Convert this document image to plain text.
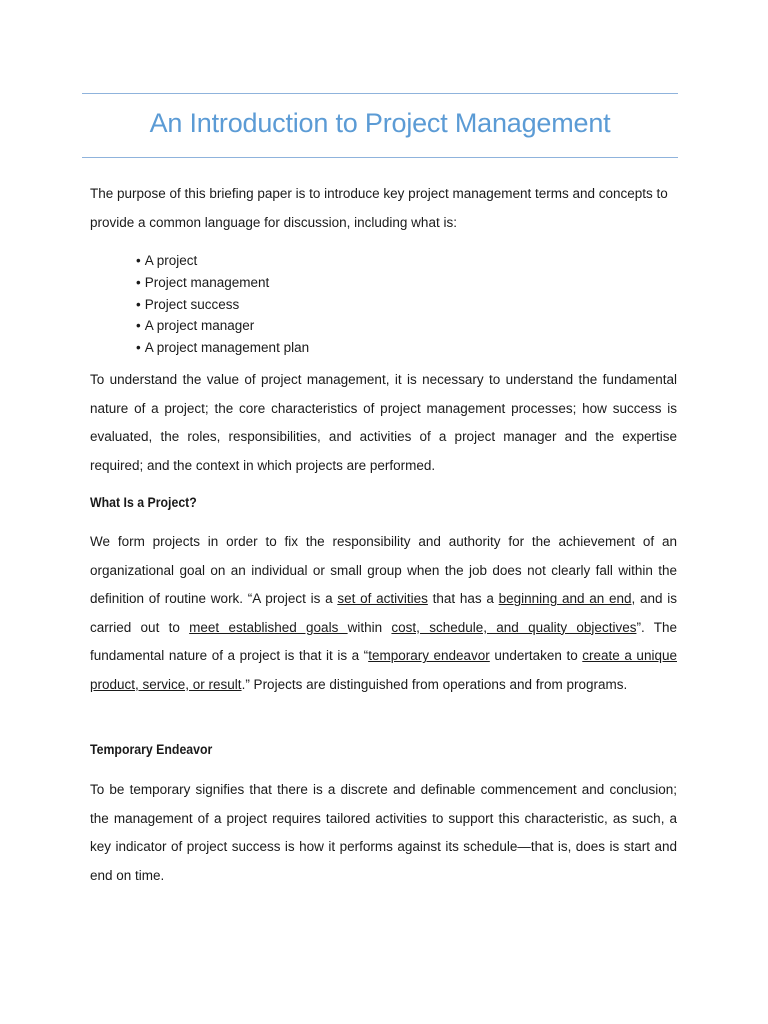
An Introduction to Project Management
The purpose of this briefing paper is to introduce key project management terms and concepts to provide a common language for discussion, including what is:
• A project
• Project management
• Project success
• A project manager
• A project management plan
To understand the value of project management, it is necessary to understand the fundamental nature of a project; the core characteristics of project management processes; how success is evaluated, the roles, responsibilities, and activities of a project manager and the expertise required; and the context in which projects are performed.
What Is a Project?
We form projects in order to fix the responsibility and authority for the achievement of an organizational goal on an individual or small group when the job does not clearly fall within the definition of routine work. “A project is a set of activities that has a beginning and an end, and is carried out to meet established goals within cost, schedule, and quality objectives”. The fundamental nature of a project is that it is a “temporary endeavor undertaken to create a unique product, service, or result.” Projects are distinguished from operations and from programs.
Temporary Endeavor
To be temporary signifies that there is a discrete and definable commencement and conclusion; the management of a project requires tailored activities to support this characteristic, as such, a key indicator of project success is how it performs against its schedule—that is, does is start and end on time.
